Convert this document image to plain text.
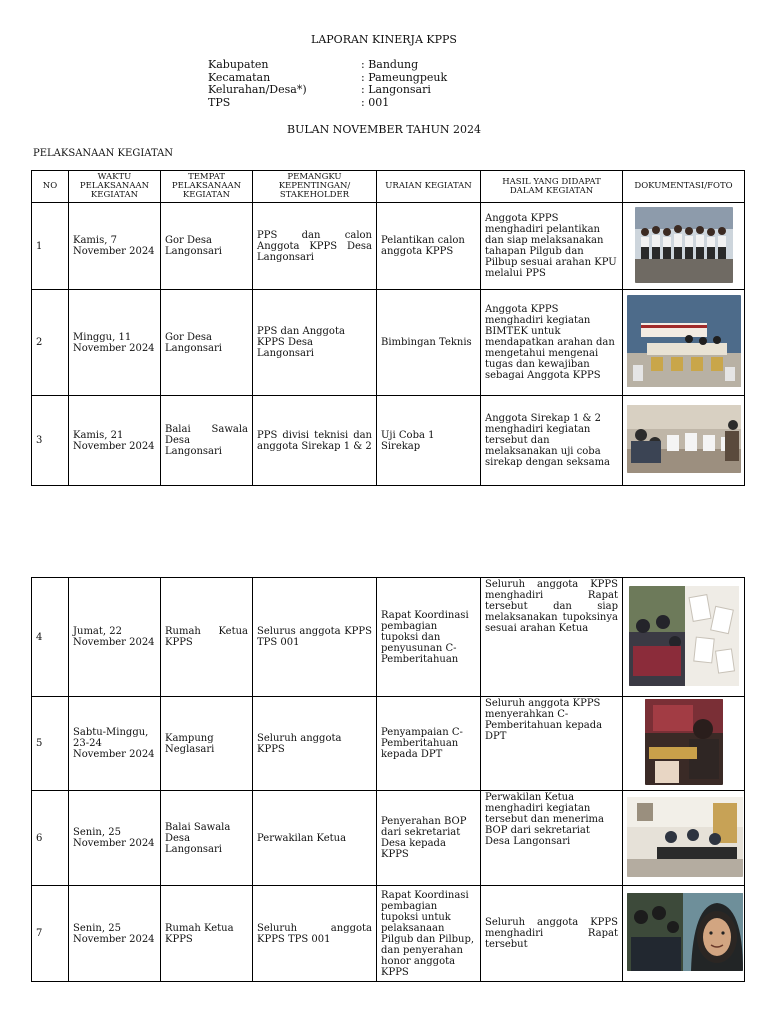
LAPORAN KINERJA KPPS
Kabupaten	: Bandung
Kecamatan	: Pameungpeuk
Kelurahan/Desa*)	: Langonsari
TPS	: 001
BULAN NOVEMBER TAHUN 2024
PELAKSANAAN KEGIATAN
NO	WAKTU PELAKSANAAN KEGIATAN	TEMPAT PELAKSANAAN KEGIATAN	PEMANGKU KEPENTINGAN/ STAKEHOLDER	URAIAN KEGIATAN	HASIL YANG DIDAPAT DALAM KEGIATAN	DOKUMENTASI/FOTO
1	Kamis, 7 November 2024	Gor Desa Langonsari	PPS dan calon Anggota KPPS Desa Langonsari	Pelantikan calon anggota KPPS	Anggota KPPS menghadiri pelantikan dan siap melaksanakan tahapan Pilgub dan Pilbup sesuai arahan KPU melalui PPS	
2	Minggu, 11 November 2024	Gor Desa Langonsari	PPS dan Anggota KPPS Desa Langonsari	Bimbingan Teknis	Anggota KPPS menghadiri kegiatan BIMTEK untuk mendapatkan arahan dan mengetahui mengenai tugas dan kewajiban sebagai Anggota KPPS	
3	Kamis, 21 November 2024	Balai Sawala Desa Langonsari	PPS divisi teknisi dan anggota Sirekap 1 & 2	Uji Coba 1 Sirekap	Anggota Sirekap 1 & 2 menghadiri kegiatan tersebut dan melaksanakan uji coba sirekap dengan seksama	
4	Jumat, 22 November 2024	Rumah Ketua KPPS	Selurus anggota KPPS TPS 001	Rapat Koordinasi pembagian tupoksi dan penyusunan C-Pemberitahuan	Seluruh anggota KPPS menghadiri Rapat tersebut dan siap melaksanakan tupoksinya sesuai arahan Ketua	
5	Sabtu-Minggu, 23-24 November 2024	Kampung Neglasari	Seluruh anggota KPPS	Penyampaian C-Pemberitahuan kepada DPT	Seluruh anggota KPPS menyerahkan C-Pemberitahuan kepada DPT	
6	Senin, 25 November 2024	Balai Sawala Desa Langonsari	Perwakilan Ketua	Penyerahan BOP dari sekretariat Desa kepada KPPS	Perwakilan Ketua menghadiri kegiatan tersebut dan menerima BOP dari sekretariat Desa Langonsari	
7	Senin, 25 November 2024	Rumah Ketua KPPS	Seluruh anggota KPPS TPS 001	Rapat Koordinasi pembagian tupoksi untuk pelaksanaan Pilgub dan Pilbup, dan penyerahan honor anggota KPPS	Seluruh anggota KPPS menghadiri Rapat tersebut	
